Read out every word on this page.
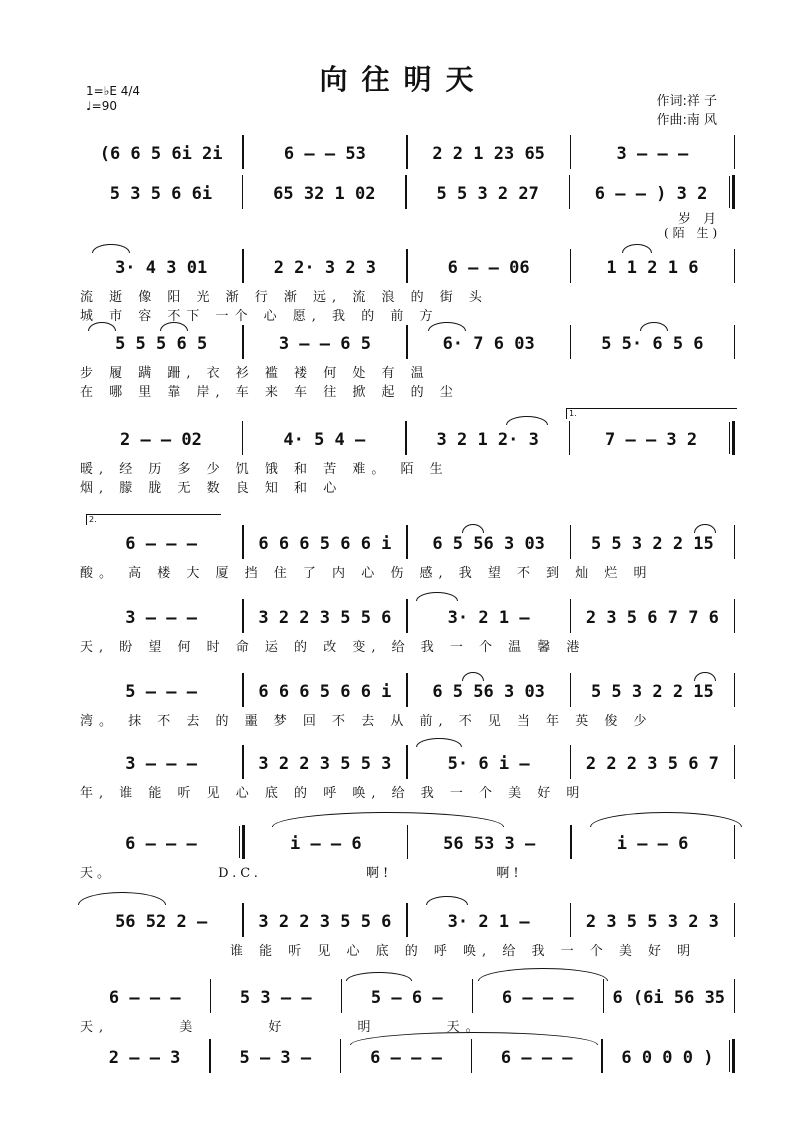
向往明天
1=♭E 4/4
♩=90	作词:祥 子
作曲:南 风
(6 6 5 6i 2i	6 – – 53	2 2 1 23 65	3 – – –
5 3 5 6 6i	65 32 1 02	5 5 3 2 27	6 – – ) 3 2
岁 月
(陌 生)
3· 4 3 01	2 2· 3 2 3	6 – – 06	1 1 2 1 6
流 逝 像 阳 光 渐 行 渐 远, 流 浪 的 街 头
城 市 容 不下 一个 心 愿, 我 的 前 方
5 5 5 6 5	3 – – 6 5	6· 7 6 03	5 5· 6 5 6
步 履 蹒 跚, 衣 衫 褴 褛 何 处 有 温
在 哪 里 靠 岸, 车 来 车 往 掀 起 的 尘
1.
2 – – 02	4· 5 4 –	3 2 1 2· 3	7 – – 3 2
暖, 经 历 多 少 饥 饿 和 苦 难。 陌 生
烟, 朦 胧 无 数 良 知 和 心
2.
6 – – –	6 6 6 5 6 6 i	6 5 56 3 03	5 5 3 2 2 15
酸。 高 楼 大 厦 挡 住 了 内 心 伤 感, 我 望 不 到 灿 烂 明
3 – – –	3 2 2 3 5 5 6	3· 2 1 –	2 3 5 6 7 7 6
天, 盼 望 何 时 命 运 的 改 变, 给 我 一 个 温 馨 港
5 – – –	6 6 6 5 6 6 i	6 5 56 3 03	5 5 3 2 2 15
湾。 抹 不 去 的 噩 梦 回 不 去 从 前, 不 见 当 年 英 俊 少
3 – – –	3 2 2 3 5 5 3	5· 6 i –	2 2 2 3 5 6 7
年, 谁 能 听 见 心 底 的 呼 唤, 给 我 一 个 美 好 明
6 – – –	i – – 6	56 53 3 –	i – – 6
天。 D.C. 啊! 啊!
56 52 2 –	3 2 2 3 5 5 6	3· 2 1 –	2 3 5 5 3 2 3
谁 能 听 见 心 底 的 呼 唤, 给 我 一 个 美 好 明
6 – – –	5 3 – –	5 – 6 –	6 – – –	6 (6i 56 35
天, 美 好 明 天。
2 – – 3	5 – 3 –	6 – – –	6 – – –	6 0 0 0 )
